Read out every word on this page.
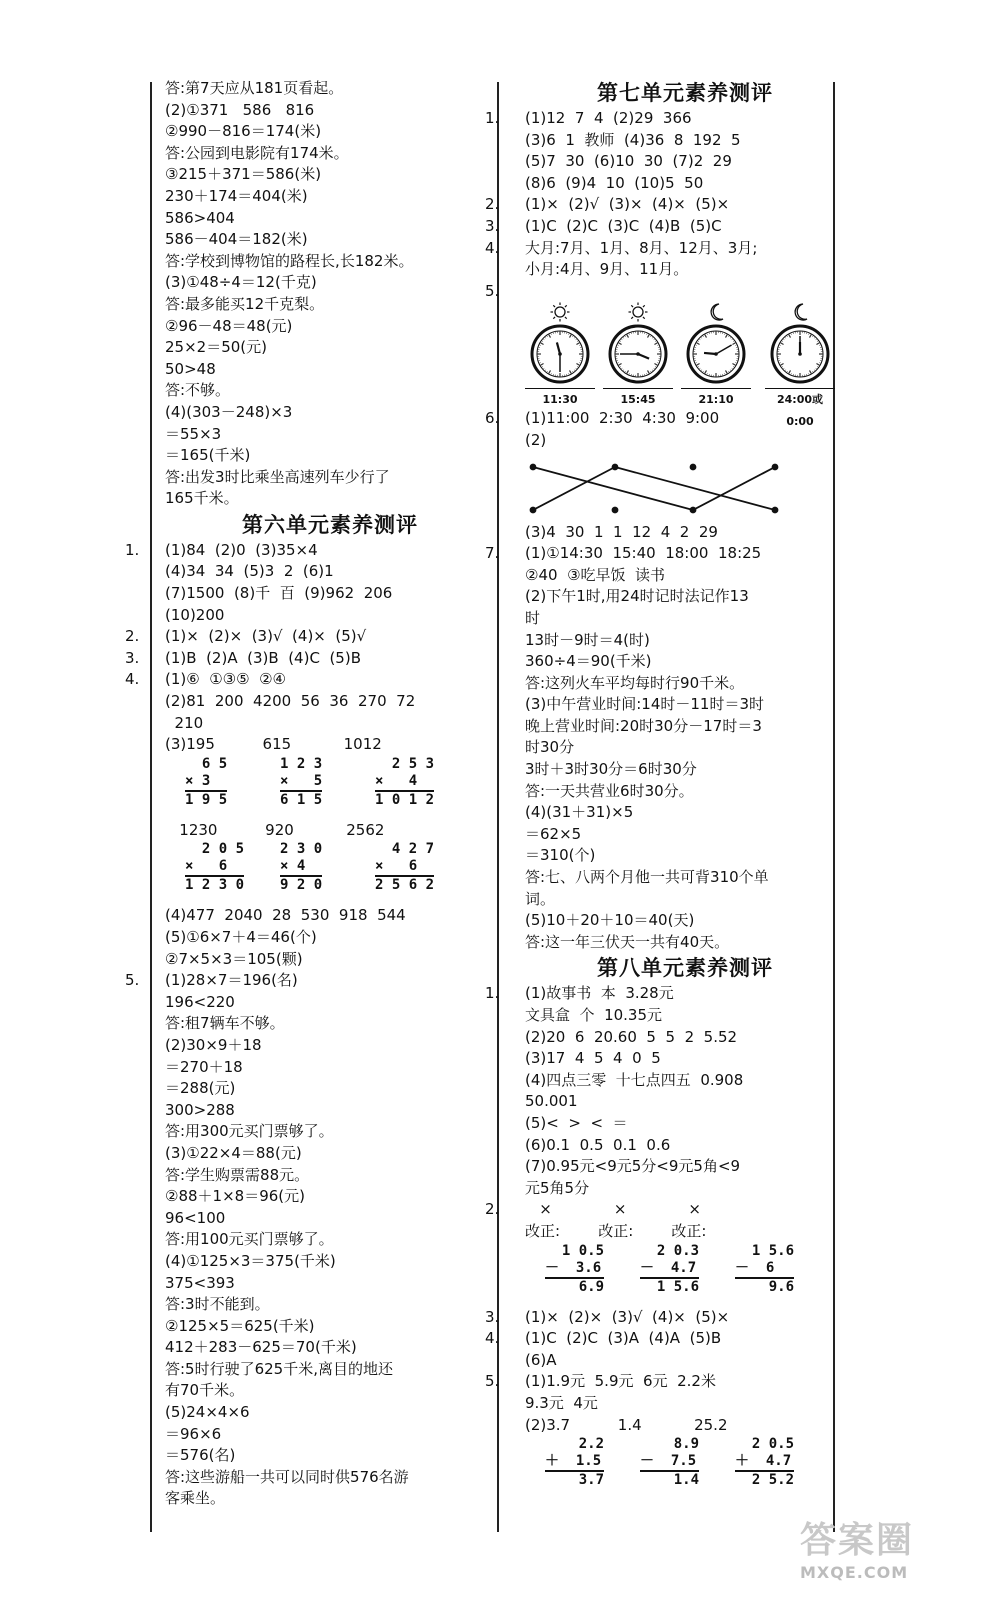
答:第7天应从181页看起。
(2)①371   586   816
②990－816＝174(米)
答:公园到电影院有174米。
③215＋371＝586(米)
230＋174＝404(米)
586>404
586－404＝182(米)
答:学校到博物馆的路程长,长182米。
(3)①48÷4＝12(千克)
答:最多能买12千克梨。
②96－48＝48(元)
25×2＝50(元)
50>48
答:不够。
(4)(303－248)×3
＝55×3
＝165(千米)
答:出发3时比乘坐高速列车少行了
165千米。
第六单元素养测评
1. (1)84  (2)0  (3)35×4
(4)34  34  (5)3  2  (6)1
(7)1500  (8)千  百  (9)962  206
(10)200
2. (1)×  (2)×  (3)√  (4)×  (5)√
3. (1)B  (2)A  (3)B  (4)C  (5)B
4. (1)⑥  ①③⑤  ②④
(2)81  200  4200  56  36  270  72
210
(3)195          615           1012
6 5
× 3
1 9 5
1 2 3
×   5
6 1 5
2 5 3
×   4
1 0 1 2
1230          920           2562
2 0 5
×   6
1 2 3 0
2 3 0
× 4
9 2 0
4 2 7
×   6
2 5 6 2
(4)477  2040  28  530  918  544
(5)①6×7＋4＝46(个)
②7×5×3＝105(颗)
5. (1)28×7＝196(名)
196<220
答:租7辆车不够。
(2)30×9＋18
＝270＋18
＝288(元)
300>288
答:用300元买门票够了。
(3)①22×4＝88(元)
答:学生购票需88元。
②88＋1×8＝96(元)
96<100
答:用100元买门票够了。
(4)①125×3＝375(千米)
375<393
答:3时不能到。
②125×5＝625(千米)
412＋283－625＝70(千米)
答:5时行驶了625千米,离目的地还
有70千米。
(5)24×4×6
＝96×6
＝576(名)
答:这些游船一共可以同时供576名游
客乘坐。
第七单元素养测评
1. (1)12  7  4  (2)29  366
(3)6  1  教师  (4)36  8  192  5
(5)7  30  (6)10  30  (7)2  29
(8)6  (9)4  10  (10)5  50
2. (1)×  (2)√  (3)×  (4)×  (5)×
3. (1)C  (2)C  (3)C  (4)B  (5)C
4. 大月:7月、1月、8月、12月、3月;
小月:4月、9月、11月。
5.
11:30	15:45	21:10	24:00或0:00
6. (1)11:00  2:30  4:30  9:00
(2)
(3)4  30  1  1  12  4  2  29
7. (1)①14:30  15:40  18:00  18:25
②40  ③吃早饭  读书
(2)下午1时,用24时记时法记作13
时
13时－9时＝4(时)
360÷4＝90(千米)
答:这列火车平均每时行90千米。
(3)中午营业时间:14时－11时＝3时
晚上营业时间:20时30分－17时＝3
时30分
3时＋3时30分＝6时30分
答:一天共营业6时30分。
(4)(31＋31)×5
＝62×5
＝310(个)
答:七、八两个月他一共可背310个单
词。
(5)10＋20＋10＝40(天)
答:这一年三伏天一共有40天。
第八单元素养测评
1. (1)故事书  本  3.28元
文具盒  个  10.35元
(2)20  6  20.60  5  5  2  5.52
(3)17  4  5  4  0  5
(4)四点三零  十七点四五  0.908
50.001
(5)<  >  <  ＝
(6)0.1  0.5  0.1  0.6
(7)0.95元<9元5分<9元5角<9
元5角5分
2. ×             ×             ×
改正:        改正:        改正:
1 0.5
－  3.6
6.9
2 0.3
－  4.7
1 5.6
1 5.6
－  6
9.6
3. (1)×  (2)×  (3)√  (4)×  (5)×
4. (1)C  (2)C  (3)A  (4)A  (5)B
(6)A
5. (1)1.9元  5.9元  6元  2.2米
9.3元  4元
(2)3.7          1.4           25.2
2.2
＋  1.5
3.7
8.9
－  7.5
1.4
2 0.5
＋  4.7
2 5.2
答案圈
MXQE.COM
